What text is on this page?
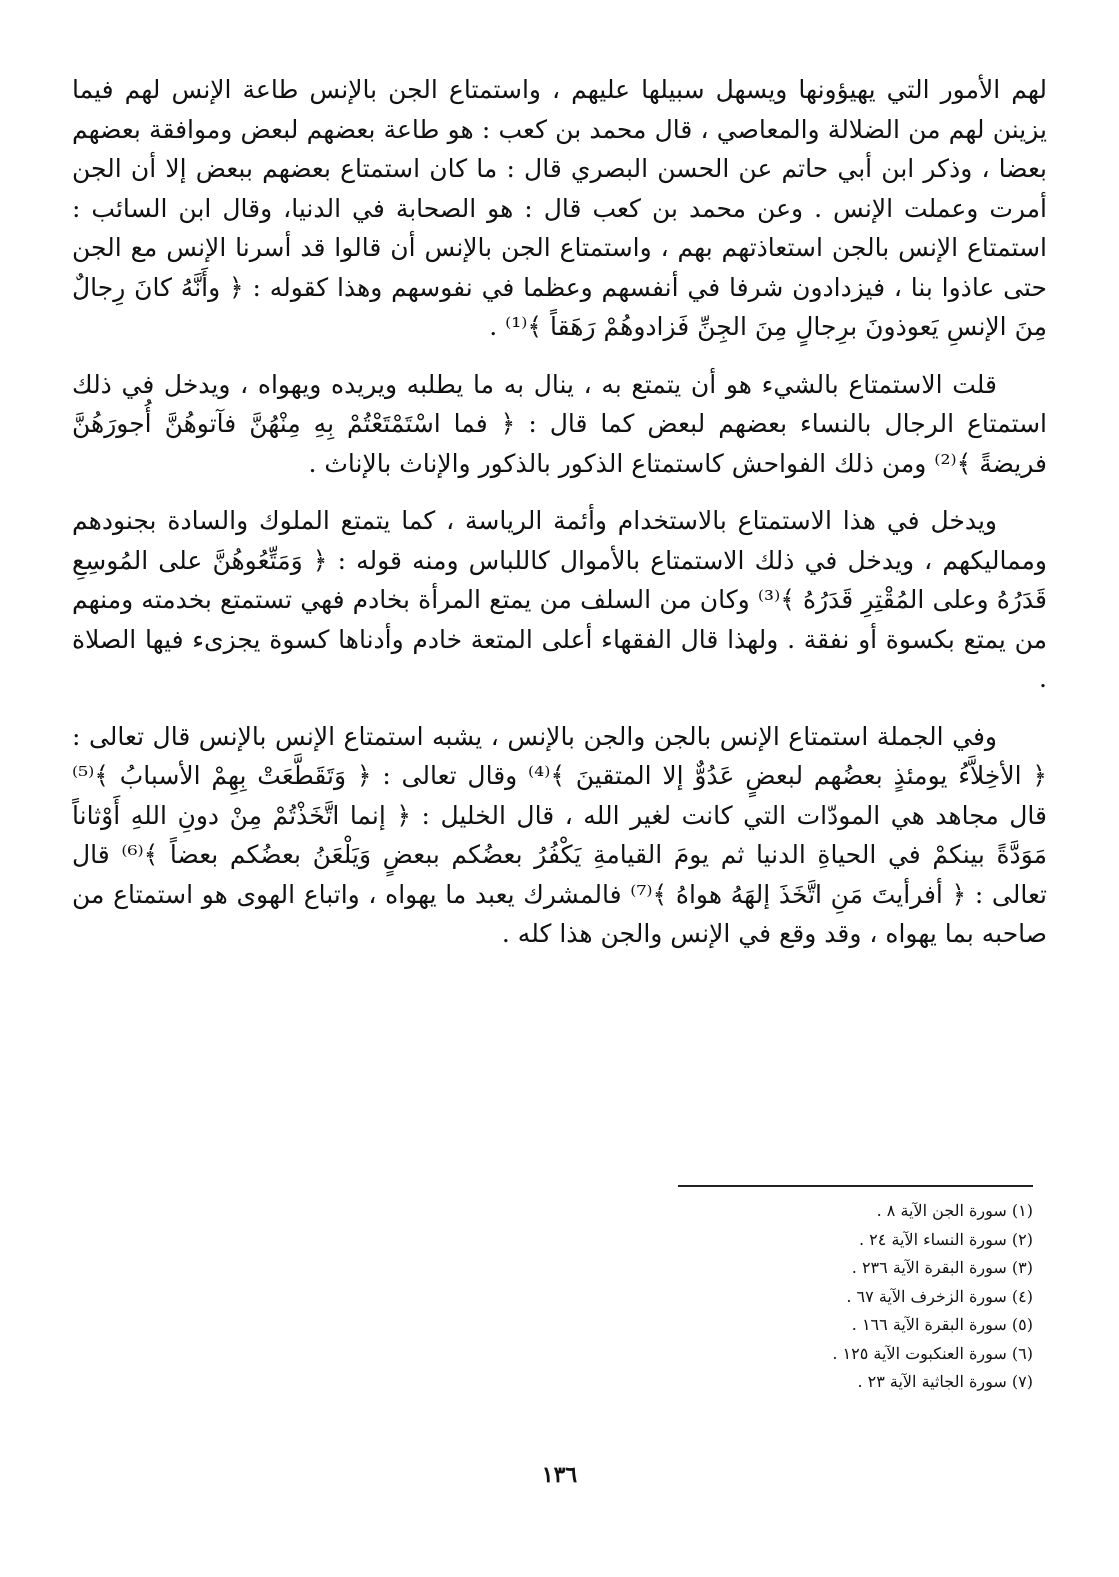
لهم الأمور التي يهيؤونها ويسهل سبيلها عليهم ، واستمتاع الجن بالإنس طاعة الإنس لهم فيما يزينن لهم من الضلالة والمعاصي ، قال محمد بن كعب : هو طاعة بعضهم لبعض وموافقة بعضهم بعضا ، وذكر ابن أبي حاتم عن الحسن البصري قال : ما كان استمتاع بعضهم ببعض إلا أن الجن أمرت وعملت الإنس . وعن محمد بن كعب قال : هو الصحابة في الدنيا، وقال ابن السائب : استمتاع الإنس بالجن استعاذتهم بهم ، واستمتاع الجن بالإنس أن قالوا قد أسرنا الإنس مع الجن حتى عاذوا بنا ، فيزدادون شرفا في أنفسهم وعظما في نفوسهم وهذا كقوله : ﴿ وأَنَّهُ كانَ رِجالٌ مِنَ الإنسِ يَعوذونَ برِجالٍ مِنَ الجِنِّ فَزادوهُمْ رَهَقاً ﴾⁽¹⁾ .

قلت الاستمتاع بالشيء هو أن يتمتع به ، ينال به ما يطلبه ويريده ويهواه ، ويدخل في ذلك استمتاع الرجال بالنساء بعضهم لبعض كما قال : ﴿ فما اسْتَمْتَعْتُمْ بِهِ مِنْهُنَّ فآتوهُنَّ أُجورَهُنَّ فريضةً ﴾⁽²⁾ ومن ذلك الفواحش كاستمتاع الذكور بالذكور والإناث بالإناث .

ويدخل في هذا الاستمتاع بالاستخدام وأئمة الرياسة ، كما يتمتع الملوك والسادة بجنودهم ومماليكهم ، ويدخل في ذلك الاستمتاع بالأموال كاللباس ومنه قوله : ﴿ وَمَتِّعُوهُنَّ على المُوسِعِ قَدَرُهُ وعلى المُقْتِرِ قَدَرُهُ ﴾⁽³⁾ وكان من السلف من يمتع المرأة بخادم فهي تستمتع بخدمته ومنهم من يمتع بكسوة أو نفقة . ولهذا قال الفقهاء أعلى المتعة خادم وأدناها كسوة يجزىء فيها الصلاة .

وفي الجملة استمتاع الإنس بالجن والجن بالإنس ، يشبه استمتاع الإنس بالإنس قال تعالى : ﴿ الأخِلاَّءُ يومئذٍ بعضُهم لبعضٍ عَدُوٌّ إلا المتقينَ ﴾⁽⁴⁾ وقال تعالى : ﴿ وَتَقَطَّعَتْ بِهِمْ الأسبابُ ﴾⁽⁵⁾ قال مجاهد هي المودّات التي كانت لغير الله ، قال الخليل : ﴿ إنما اتَّخَذْتُمْ مِنْ دونِ اللهِ أَوْثاناً مَوَدَّةً بينكمْ في الحياةِ الدنيا ثم يومَ القيامةِ يَكْفُرُ بعضُكم ببعضٍ وَيَلْعَنُ بعضُكم بعضاً ﴾⁽⁶⁾ قال تعالى : ﴿ أفرأيتَ مَنِ اتَّخَذَ إلهَهُ هواهُ ﴾⁽⁷⁾ فالمشرك يعبد ما يهواه ، واتباع الهوى هو استمتاع من صاحبه بما يهواه ، وقد وقع في الإنس والجن هذا كله .

(١) سورة الجن الآية ٨ .

(٢) سورة النساء الآية ٢٤ .

(٣) سورة البقرة الآية ٢٣٦ .

(٤) سورة الزخرف الآية ٦٧ .

(٥) سورة البقرة الآية ١٦٦ .

(٦) سورة العنكبوت الآية ١٢٥ .

(٧) سورة الجاثية الآية ٢٣ .

١٣٦
